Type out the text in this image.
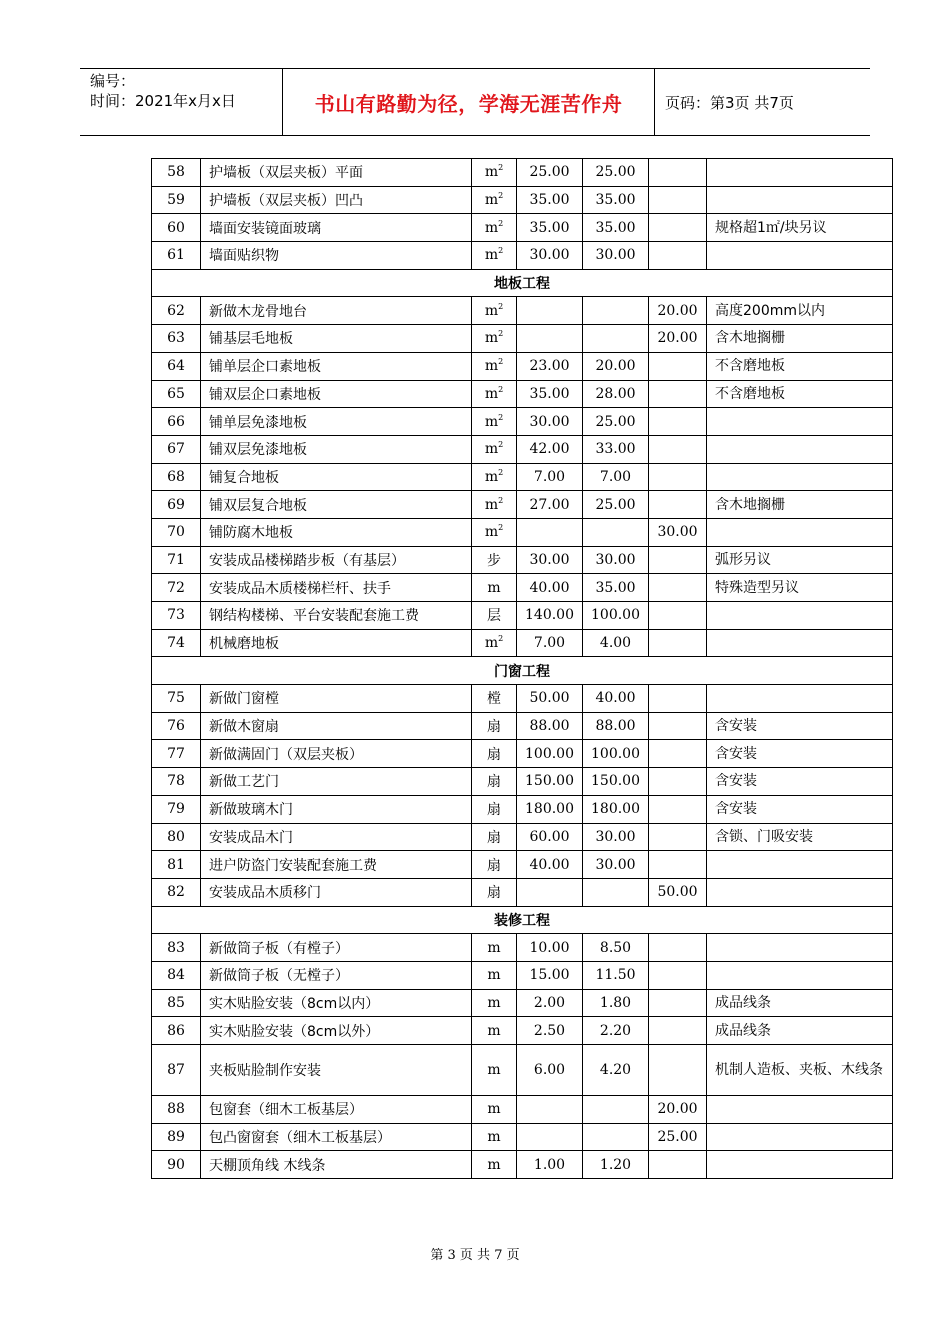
编号：
时间：2021年x月x日	书山有路勤为径，学海无涯苦作舟	页码： 第3页 共7页
58	护墙板（双层夹板）平面	$m^2$	25.00	25.00		
59	护墙板（双层夹板）凹凸	$m^2$	35.00	35.00		
60	墙面安装镜面玻璃	$m^2$	35.00	35.00		规格超1㎡/块另议
61	墙面贴织物	$m^2$	30.00	30.00		
地板工程						
62	新做木龙骨地台	$m^2$			20.00	高度200mm以内
63	铺基层毛地板	$m^2$			20.00	含木地搁栅
64	铺单层企口素地板	$m^2$	23.00	20.00		不含磨地板
65	铺双层企口素地板	$m^2$	35.00	28.00		不含磨地板
66	铺单层免漆地板	$m^2$	30.00	25.00		
67	铺双层免漆地板	$m^2$	42.00	33.00		
68	铺复合地板	$m^2$	7.00	7.00		
69	铺双层复合地板	$m^2$	27.00	25.00		含木地搁栅
70	铺防腐木地板	$m^2$			30.00	
71	安装成品楼梯踏步板（有基层）	步	30.00	30.00		弧形另议
72	安装成品木质楼梯栏杆、扶手	m	40.00	35.00		特殊造型另议
73	钢结构楼梯、平台安装配套施工费	层	140.00	100.00		
74	机械磨地板	$m^2$	7.00	4.00		
门窗工程						
75	新做门窗樘	樘	50.00	40.00		
76	新做木窗扇	扇	88.00	88.00		含安装
77	新做满固门（双层夹板）	扇	100.00	100.00		含安装
78	新做工艺门	扇	150.00	150.00		含安装
79	新做玻璃木门	扇	180.00	180.00		含安装
80	安装成品木门	扇	60.00	30.00		含锁、门吸安装
81	进户防盗门安装配套施工费	扇	40.00	30.00		
82	安装成品木质移门	扇			50.00	
装修工程						
83	新做筒子板（有樘子）	m	10.00	8.50		
84	新做筒子板（无樘子）	m	15.00	11.50		
85	实木贴脸安装（8cm以内）	m	2.00	1.80		成品线条
86	实木贴脸安装（8cm以外）	m	2.50	2.20		成品线条
87	夹板贴脸制作安装	m	6.00	4.20		机制人造板、夹板、木线条
88	包窗套（细木工板基层）	m			20.00	
89	包凸窗窗套（细木工板基层）	m			25.00	
90	天棚顶角线 木线条	m	1.00	1.20		
第 3 页 共 7 页
